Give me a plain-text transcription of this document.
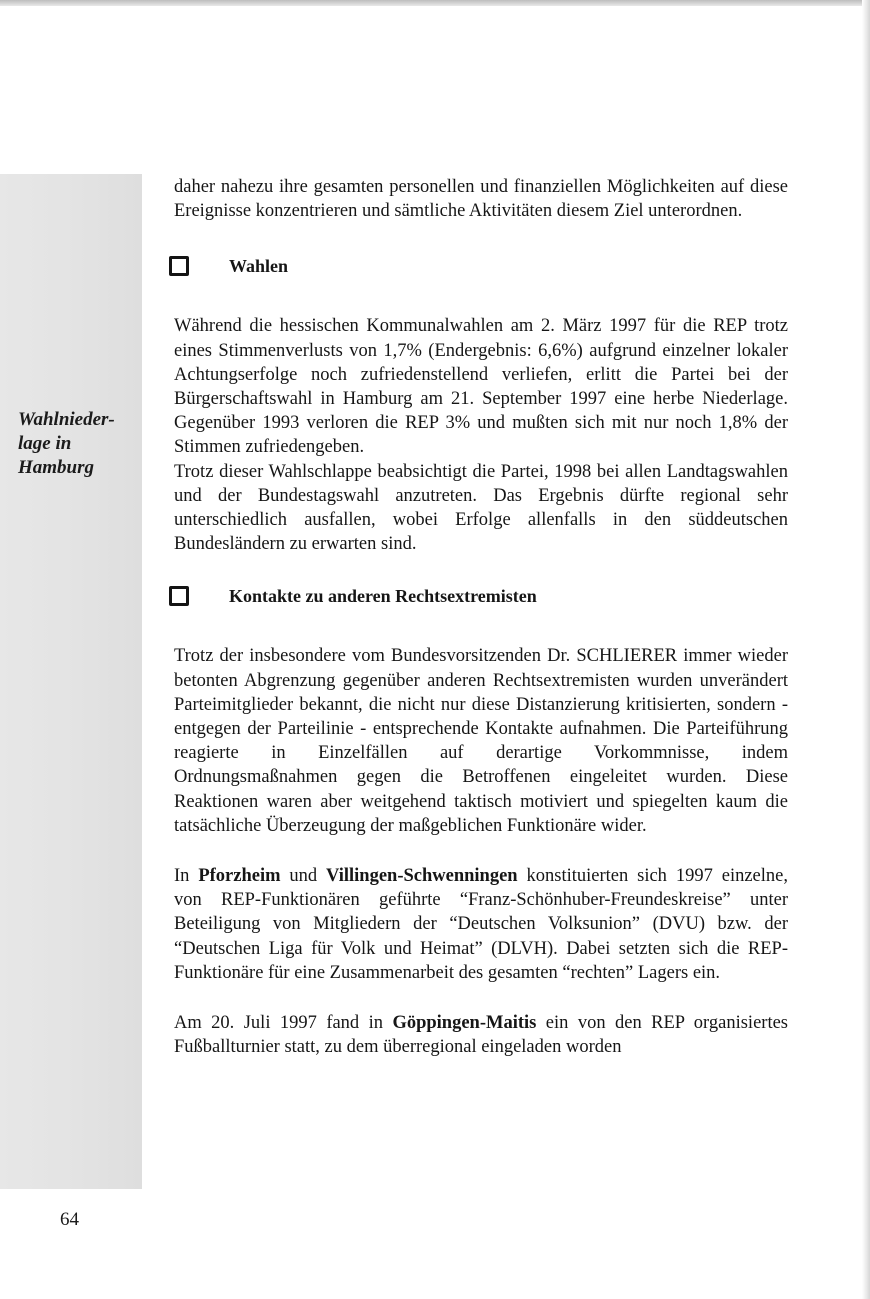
Wahlnieder-
lage in
Hamburg

daher nahezu ihre gesamten personellen und finanziellen Möglichkeiten auf diese Ereignisse konzentrieren und sämtliche Aktivitäten diesem Ziel unterordnen.

Wahlen

Während die hessischen Kommunalwahlen am 2. März 1997 für die REP trotz eines Stimmenverlusts von 1,7% (Endergebnis: 6,6%) aufgrund einzelner lokaler Achtungserfolge noch zufriedenstellend verliefen, erlitt die Partei bei der Bürgerschaftswahl in Hamburg am 21. September 1997 eine herbe Niederlage. Gegenüber 1993 verloren die REP 3% und mußten sich mit nur noch 1,8% der Stimmen zufriedengeben.

Trotz dieser Wahlschlappe beabsichtigt die Partei, 1998 bei allen Landtagswahlen und der Bundestagswahl anzutreten. Das Ergebnis dürfte regional sehr unterschiedlich ausfallen, wobei Erfolge allenfalls in den süddeutschen Bundesländern zu erwarten sind.

Kontakte zu anderen Rechtsextremisten

Trotz der insbesondere vom Bundesvorsitzenden Dr. SCHLIERER immer wieder betonten Abgrenzung gegenüber anderen Rechtsextremisten wurden unverändert Parteimitglieder bekannt, die nicht nur diese Distanzierung kritisierten, sondern - entgegen der Parteilinie - entsprechende Kontakte aufnahmen. Die Parteiführung reagierte in Einzelfällen auf derartige Vorkommnisse, indem Ordnungsmaßnahmen gegen die Betroffenen eingeleitet wurden. Diese Reaktionen waren aber weitgehend taktisch motiviert und spiegelten kaum die tatsächliche Überzeugung der maßgeblichen Funktionäre wider.

In Pforzheim und Villingen-Schwenningen konstituierten sich 1997 einzelne, von REP-Funktionären geführte “Franz-Schönhuber-Freundeskreise” unter Beteiligung von Mitgliedern der “Deutschen Volksunion” (DVU) bzw. der “Deutschen Liga für Volk und Heimat” (DLVH). Dabei setzten sich die REP-Funktionäre für eine Zusammenarbeit des gesamten “rechten” Lagers ein.

Am 20. Juli 1997 fand in Göppingen-Maitis ein von den REP organisiertes Fußballturnier statt, zu dem überregional eingeladen worden

64
